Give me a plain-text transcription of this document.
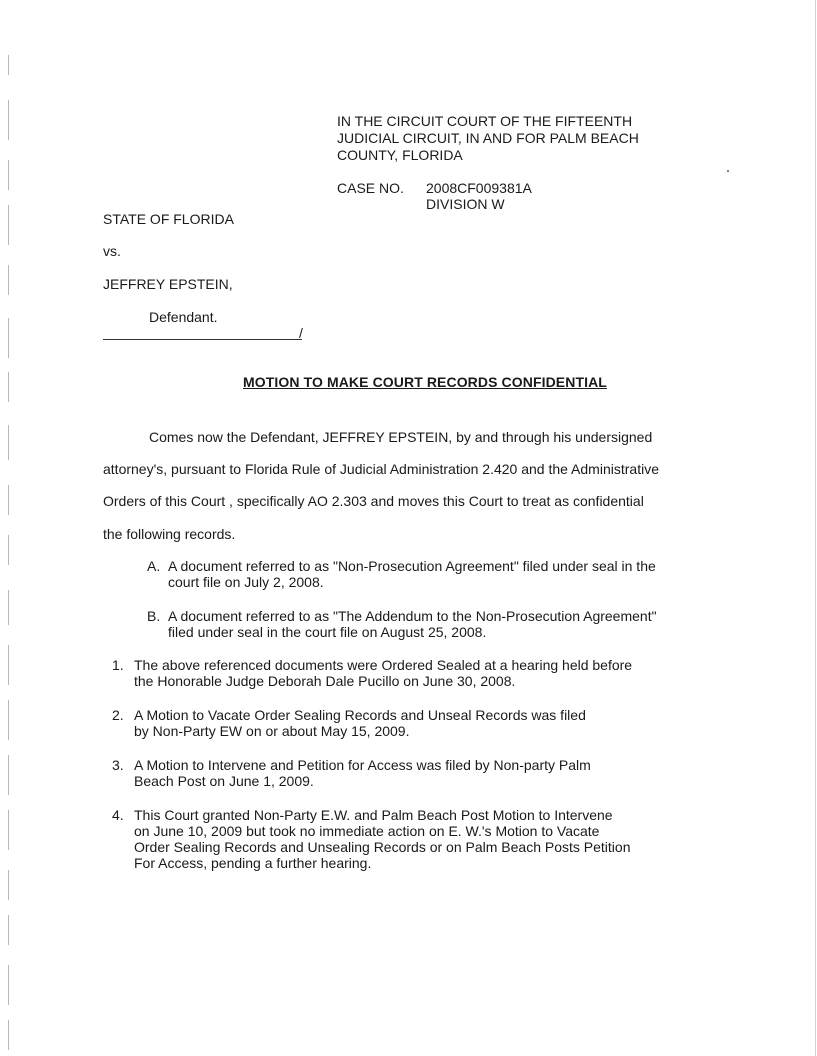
IN THE CIRCUIT COURT OF THE FIFTEENTH
JUDICIAL CIRCUIT, IN AND FOR PALM BEACH
COUNTY, FLORIDA
CASE NO. 2008CF009381A
DIVISION W
STATE OF FLORIDA
vs.
JEFFREY EPSTEIN,
Defendant.
/
MOTION TO MAKE COURT RECORDS CONFIDENTIAL
Comes now the Defendant, JEFFREY EPSTEIN, by and through his undersigned
attorney's, pursuant to Florida Rule of Judicial Administration 2.420 and the Administrative
Orders of this Court , specifically AO 2.303 and moves this Court to treat as confidential
the following records.
A. A document referred to as "Non-Prosecution Agreement" filed under seal in the
court file on July 2, 2008.
B. A document referred to as "The Addendum to the Non-Prosecution Agreement"
filed under seal in the court file on August 25, 2008.
1. The above referenced documents were Ordered Sealed at a hearing held before
the Honorable Judge Deborah Dale Pucillo on June 30, 2008.
2. A Motion to Vacate Order Sealing Records and Unseal Records was filed
by Non-Party EW on or about May 15, 2009.
3. A Motion to Intervene and Petition for Access was filed by Non-party Palm
Beach Post on June 1, 2009.
4. This Court granted Non-Party E.W. and Palm Beach Post Motion to Intervene
on June 10, 2009 but took no immediate action on E. W.'s Motion to Vacate
Order Sealing Records and Unsealing Records or on Palm Beach Posts Petition
For Access, pending a further hearing.
